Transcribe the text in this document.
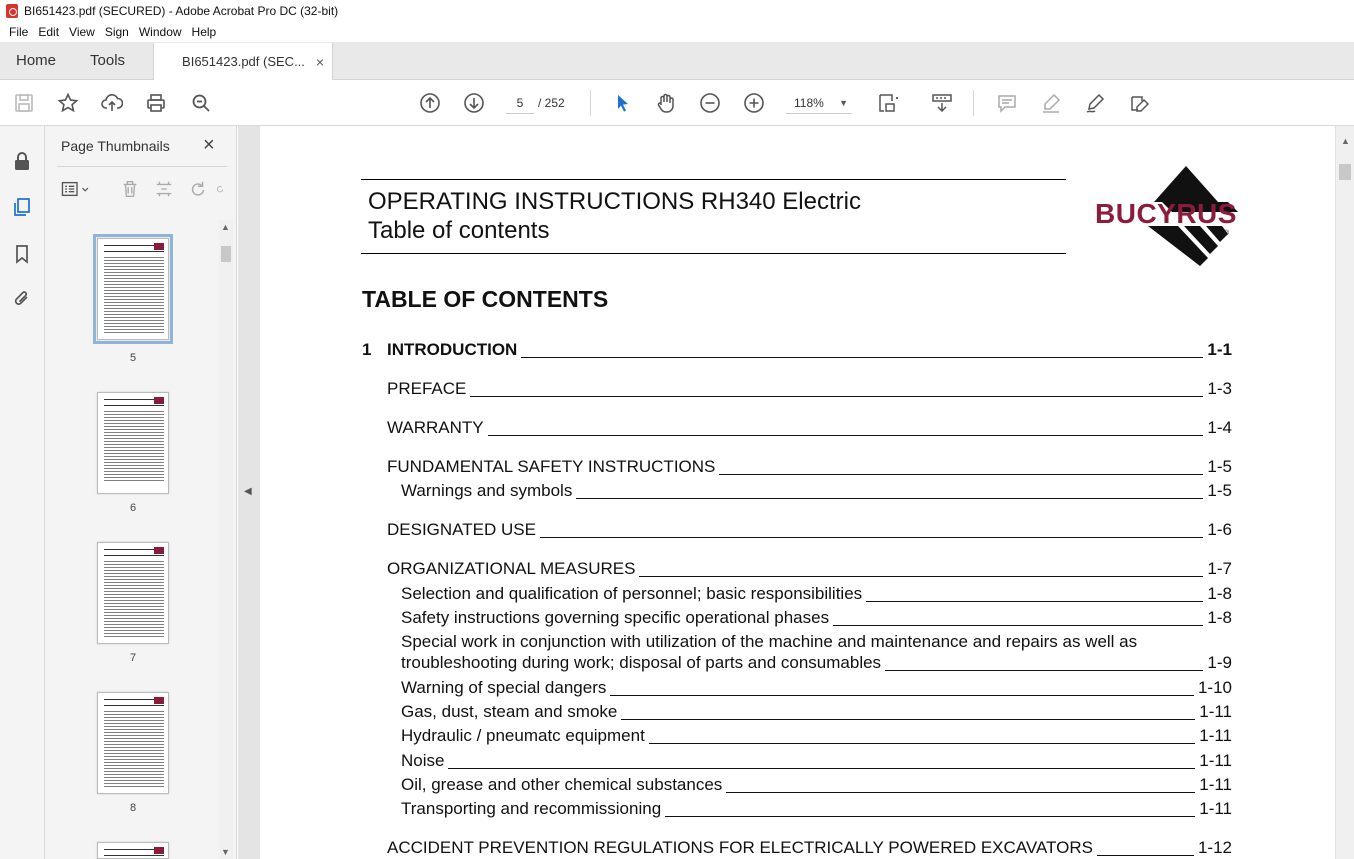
BI651423.pdf (SECURED) - Adobe Acrobat Pro DC (32-bit)
File Edit View Sign Window Help
Home	Tools	BI651423.pdf (SEC... ×
5	/ 252	118% ▼
Page Thumbnails ×
▲
▼
5
6
7
8
◀
▲
OPERATING INSTRUCTIONS RH340 Electric
Table of contents
BUCYRUS
®
TABLE OF CONTENTS
1 INTRODUCTION	1-1
PREFACE	1-3
WARRANTY	1-4
FUNDAMENTAL SAFETY INSTRUCTIONS	1-5
Warnings and symbols	1-5
DESIGNATED USE	1-6
ORGANIZATIONAL MEASURES	1-7
Selection and qualification of personnel; basic responsibilities	1-8
Safety instructions governing specific operational phases	1-8
Special work in conjunction with utilization of the machine and maintenance and repairs as well as
troubleshooting during work; disposal of parts and consumables	1-9
Warning of special dangers	1-10
Gas, dust, steam and smoke	1-11
Hydraulic / pneumatc equipment	1-11
Noise	1-11
Oil, grease and other chemical substances	1-11
Transporting and recommissioning	1-11
ACCIDENT PREVENTION REGULATIONS FOR ELECTRICALLY POWERED EXCAVATORS	1-12
